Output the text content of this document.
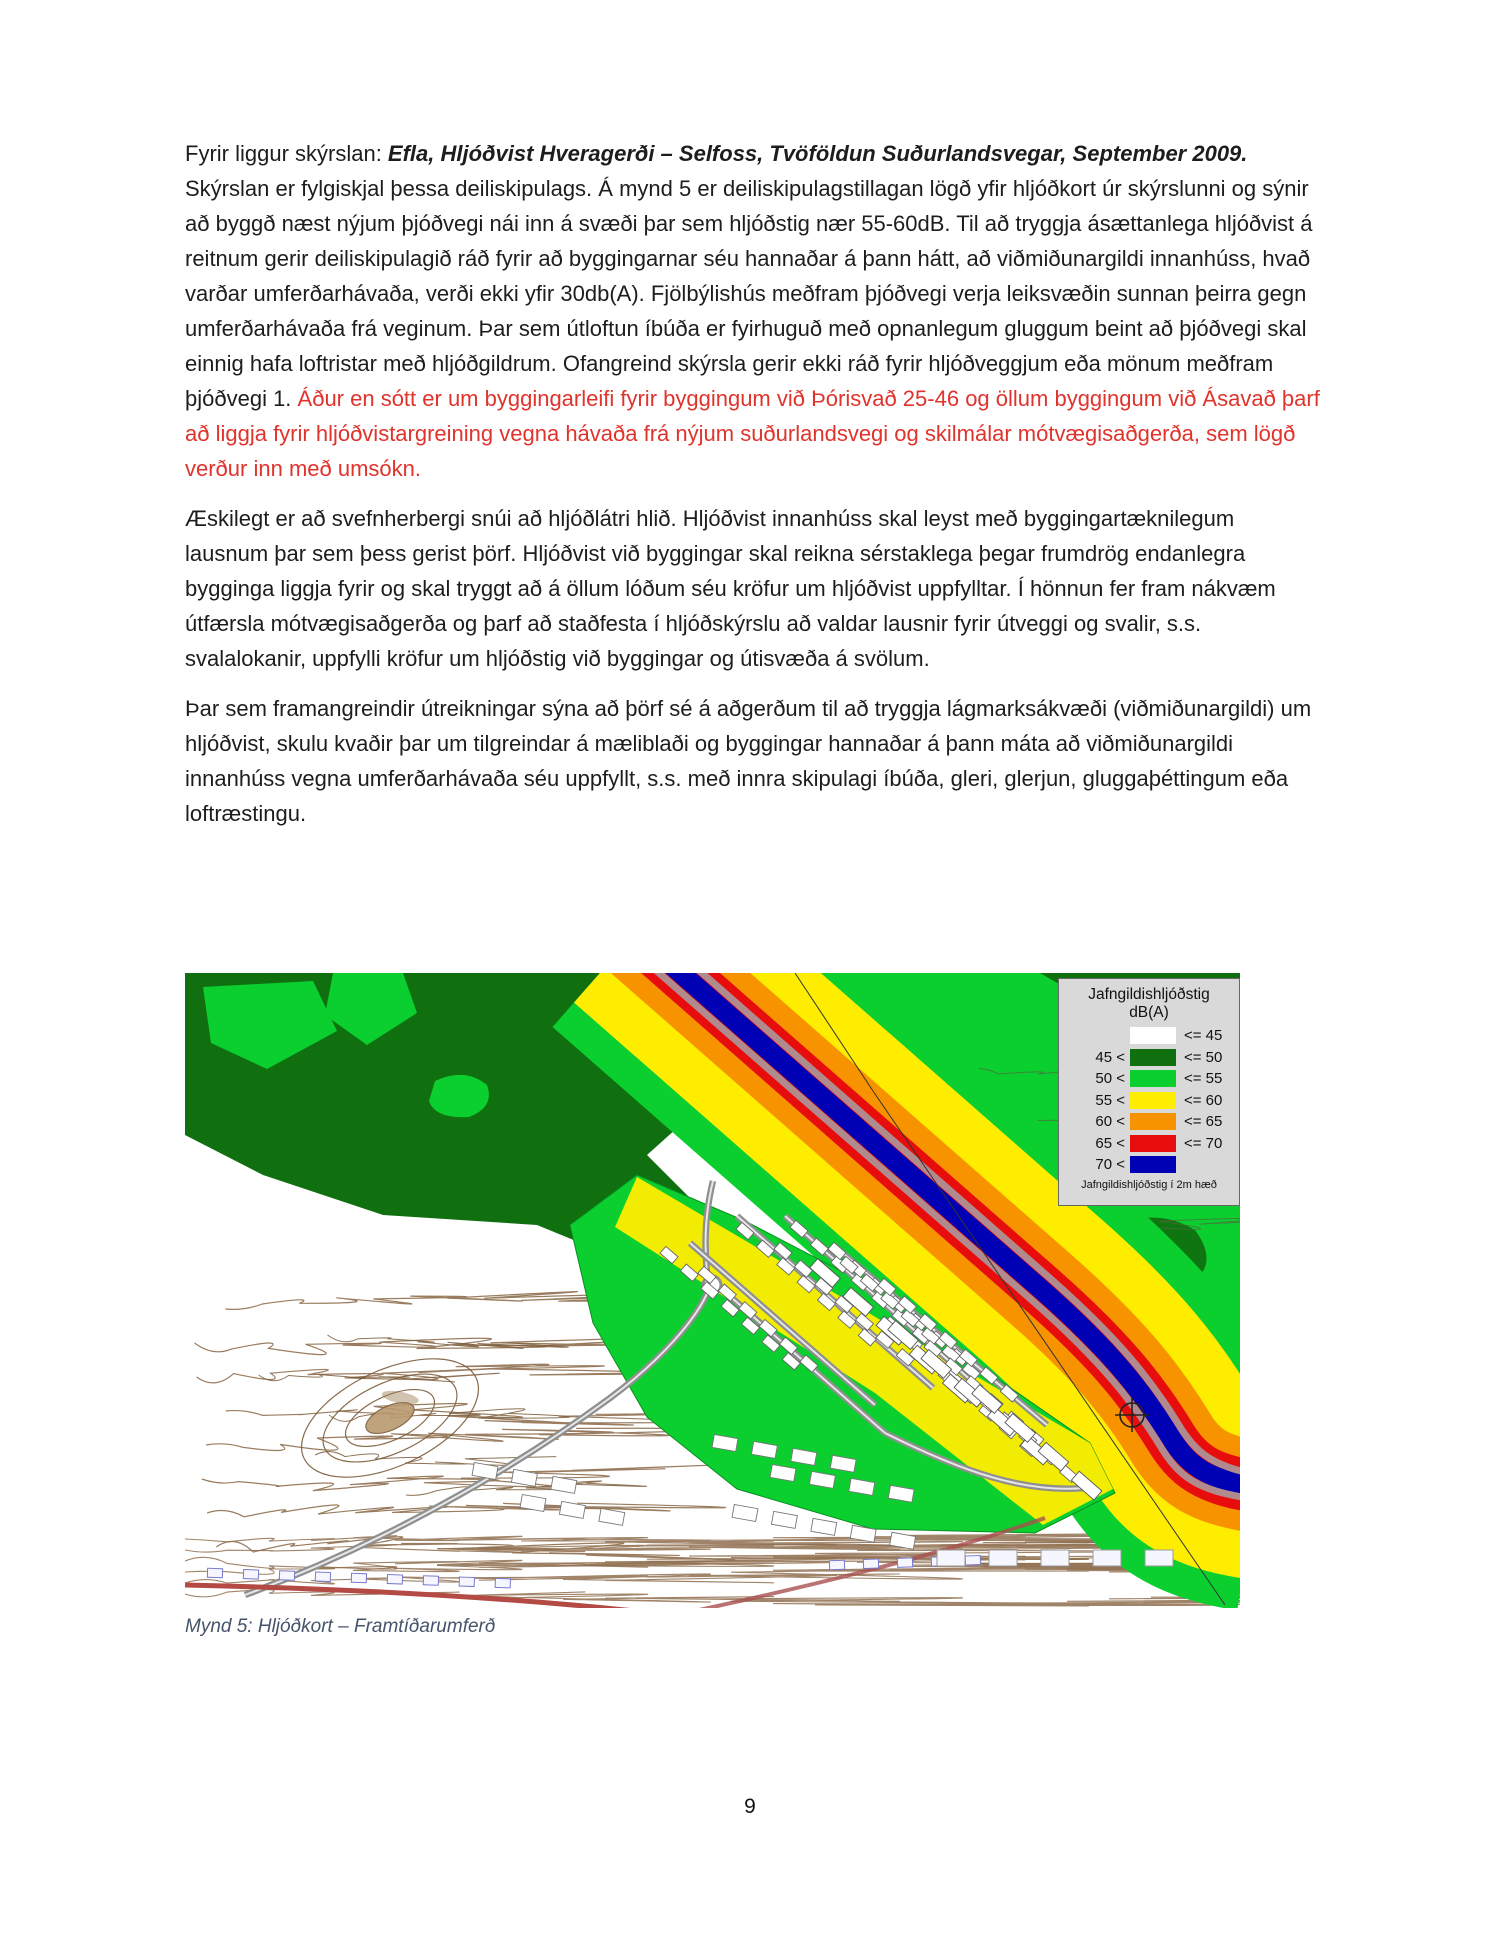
Fyrir liggur skýrslan: Efla, Hljóðvist Hveragerði – Selfoss, Tvöföldun Suðurlandsvegar, September 2009. Skýrslan er fylgiskjal þessa deiliskipulags. Á mynd 5 er deiliskipulagstillagan lögð yfir hljóðkort úr skýrslunni og sýnir að byggð næst nýjum þjóðvegi nái inn á svæði þar sem hljóðstig nær 55-60dB. Til að tryggja ásættanlega hljóðvist á reitnum gerir deiliskipulagið ráð fyrir að byggingarnar séu hannaðar á þann hátt, að viðmiðunargildi innanhúss, hvað varðar umferðarhávaða, verði ekki yfir 30db(A). Fjölbýlishús meðfram þjóðvegi verja leiksvæðin sunnan þeirra gegn umferðarhávaða frá veginum. Þar sem útloftun íbúða er fyirhuguð með opnanlegum gluggum beint að þjóðvegi skal einnig hafa loftristar með hljóðgildrum. Ofangreind skýrsla gerir ekki ráð fyrir hljóðveggjum eða mönum meðfram þjóðvegi 1. Áður en sótt er um byggingarleifi fyrir byggingum við Þórisvað 25-46 og öllum byggingum við Ásavað þarf að liggja fyrir hljóðvistargreining vegna hávaða frá nýjum suðurlandsvegi og skilmálar mótvægisaðgerða, sem lögð verður inn með umsókn.

Æskilegt er að svefnherbergi snúi að hljóðlátri hlið. Hljóðvist innanhúss skal leyst með byggingartæknilegum lausnum þar sem þess gerist þörf. Hljóðvist við byggingar skal reikna sérstaklega þegar frumdrög endanlegra bygginga liggja fyrir og skal tryggt að á öllum lóðum séu kröfur um hljóðvist uppfylltar. Í hönnun fer fram nákvæm útfærsla mótvægisaðgerða og þarf að staðfesta í hljóðskýrslu að valdar lausnir fyrir útveggi og svalir, s.s. svalalokanir, uppfylli kröfur um hljóðstig við byggingar og útisvæða á svölum.

Þar sem framangreindir útreikningar sýna að þörf sé á aðgerðum til að tryggja lágmarksákvæði (viðmiðunargildi) um hljóðvist, skulu kvaðir þar um tilgreindar á mæliblaði og byggingar hannaðar á þann máta að viðmiðunargildi innanhúss vegna umferðarhávaða séu uppfyllt, s.s. með innra skipulagi íbúða, gleri, glerjun, gluggaþéttingum eða loftræstingu.

Jafngildishljóðstig
dB(A)
<= 45
45 <	<= 50
50 <	<= 55
55 <	<= 60
60 <	<= 65
65 <	<= 70
70 <
Jafngildishljóðstig í 2m hæð
Mynd 5: Hljóðkort – Framtíðarumferð
9
